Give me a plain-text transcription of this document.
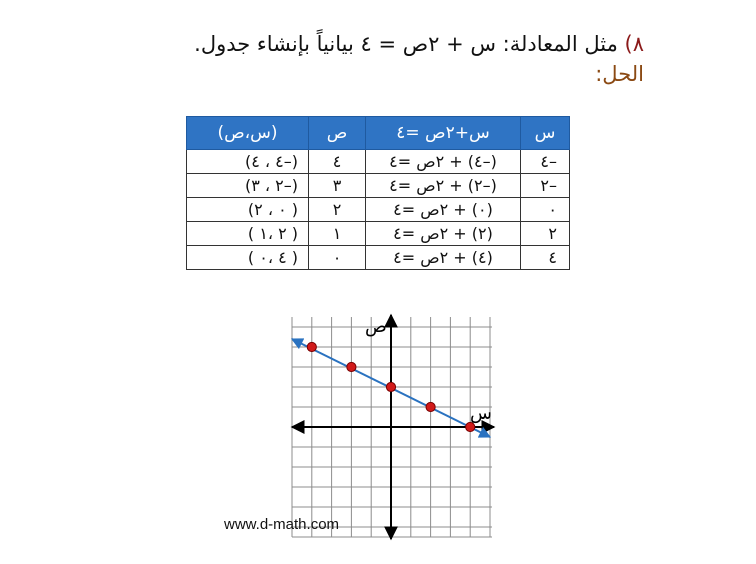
٨) مثل المعادلة: س + ٢ص = ٤ بيانياً بإنشاء جدول.
الحل:
س	س+٢ص =٤	ص	(س،ص)
–٤	(–٤) + ٢ص =٤	٤	(–٤ ، ٤)
–٢	(–٢) + ٢ص =٤	٣	(–٢ ، ٣)
٠	(٠) + ٢ص =٤	٢	( ٠ ، ٢)
٢	(٢) + ٢ص =٤	١	( ٢ ،١ )
٤	(٤) + ٢ص =٤	٠	( ٤ ،٠ )
ص
س
www.d-math.com
